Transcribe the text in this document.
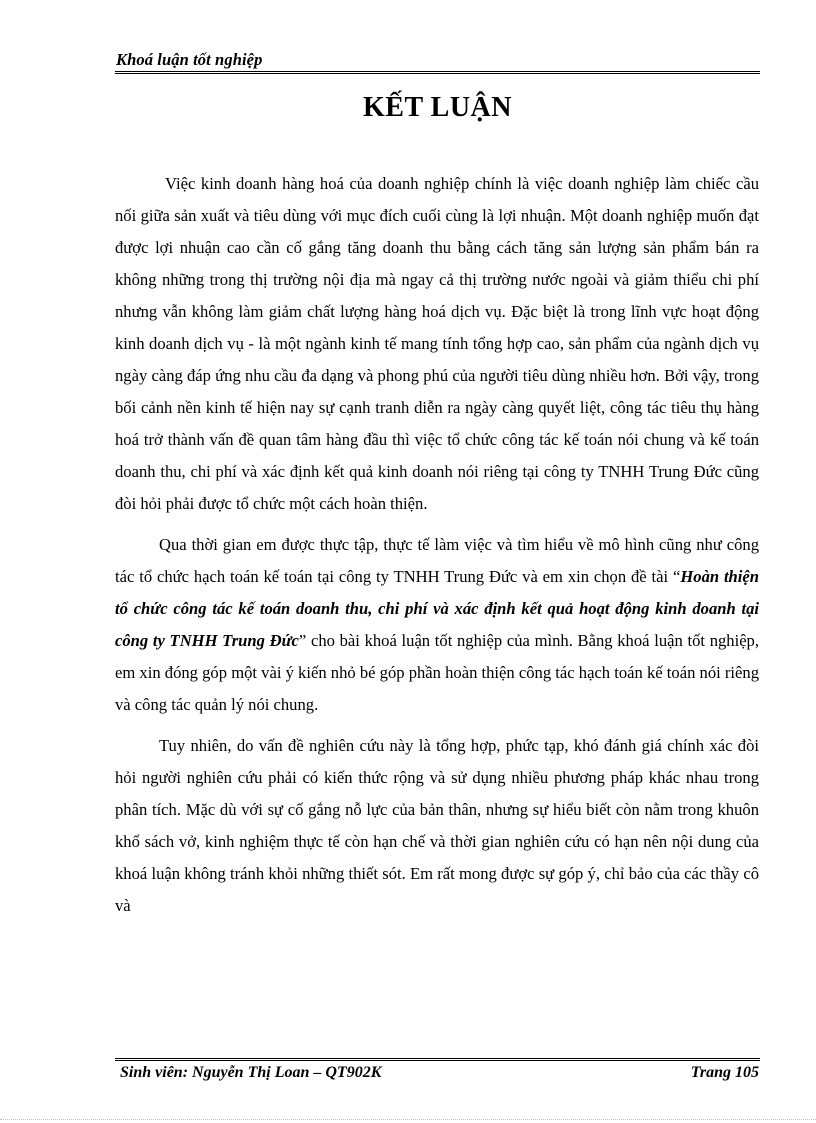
Khoá luận tốt nghiệp
KẾT LUẬN

Việc kinh doanh hàng hoá của doanh nghiệp chính là việc doanh nghiệp làm chiếc cầu nối giữa sản xuất và tiêu dùng với mục đích cuối cùng là lợi nhuận. Một doanh nghiệp muốn đạt được lợi nhuận cao cần cố gắng tăng doanh thu bằng cách tăng sản lượng sản phẩm bán ra không những trong thị trường nội địa mà ngay cả thị trường nước ngoài và giảm thiểu chi phí nhưng vẫn không làm giảm chất lượng hàng hoá dịch vụ. Đặc biệt là trong lĩnh vực hoạt động kinh doanh dịch vụ - là một ngành kinh tế mang tính tổng hợp cao, sản phẩm của ngành dịch vụ ngày càng đáp ứng nhu cầu đa dạng và phong phú của người tiêu dùng nhiều hơn. Bởi vậy, trong bối cảnh nền kinh tế hiện nay sự cạnh tranh diễn ra ngày càng quyết liệt, công tác tiêu thụ hàng hoá trở thành vấn đề quan tâm hàng đầu thì việc tổ chức công tác kế toán nói chung và kế toán doanh thu, chi phí và xác định kết quả kinh doanh nói riêng tại công ty TNHH Trung Đức cũng đòi hỏi phải được tổ chức một cách hoàn thiện.

Qua thời gian em được thực tập, thực tế làm việc và tìm hiểu về mô hình cũng như công tác tổ chức hạch toán kế toán tại công ty TNHH Trung Đức và em xin chọn đề tài “Hoàn thiện tổ chức công tác kế toán doanh thu, chi phí và xác định kết quả hoạt động kinh doanh tại công ty TNHH Trung Đức” cho bài khoá luận tốt nghiệp của mình. Bằng khoá luận tốt nghiệp, em xin đóng góp một vài ý kiến nhỏ bé góp phần hoàn thiện công tác hạch toán kế toán nói riêng và công tác quản lý nói chung.

Tuy nhiên, do vấn đề nghiên cứu này là tổng hợp, phức tạp, khó đánh giá chính xác đòi hỏi người nghiên cứu phải có kiến thức rộng và sử dụng nhiều phương pháp khác nhau trong phân tích. Mặc dù với sự cố gắng nỗ lực của bản thân, nhưng sự hiểu biết còn nằm trong khuôn khổ sách vở, kinh nghiệm thực tế còn hạn chế và thời gian nghiên cứu có hạn nên nội dung của khoá luận không tránh khỏi những thiết sót. Em rất mong được sự góp ý, chỉ bảo của các thầy cô và

Sinh viên: Nguyễn Thị Loan – QT902K	Trang 105
